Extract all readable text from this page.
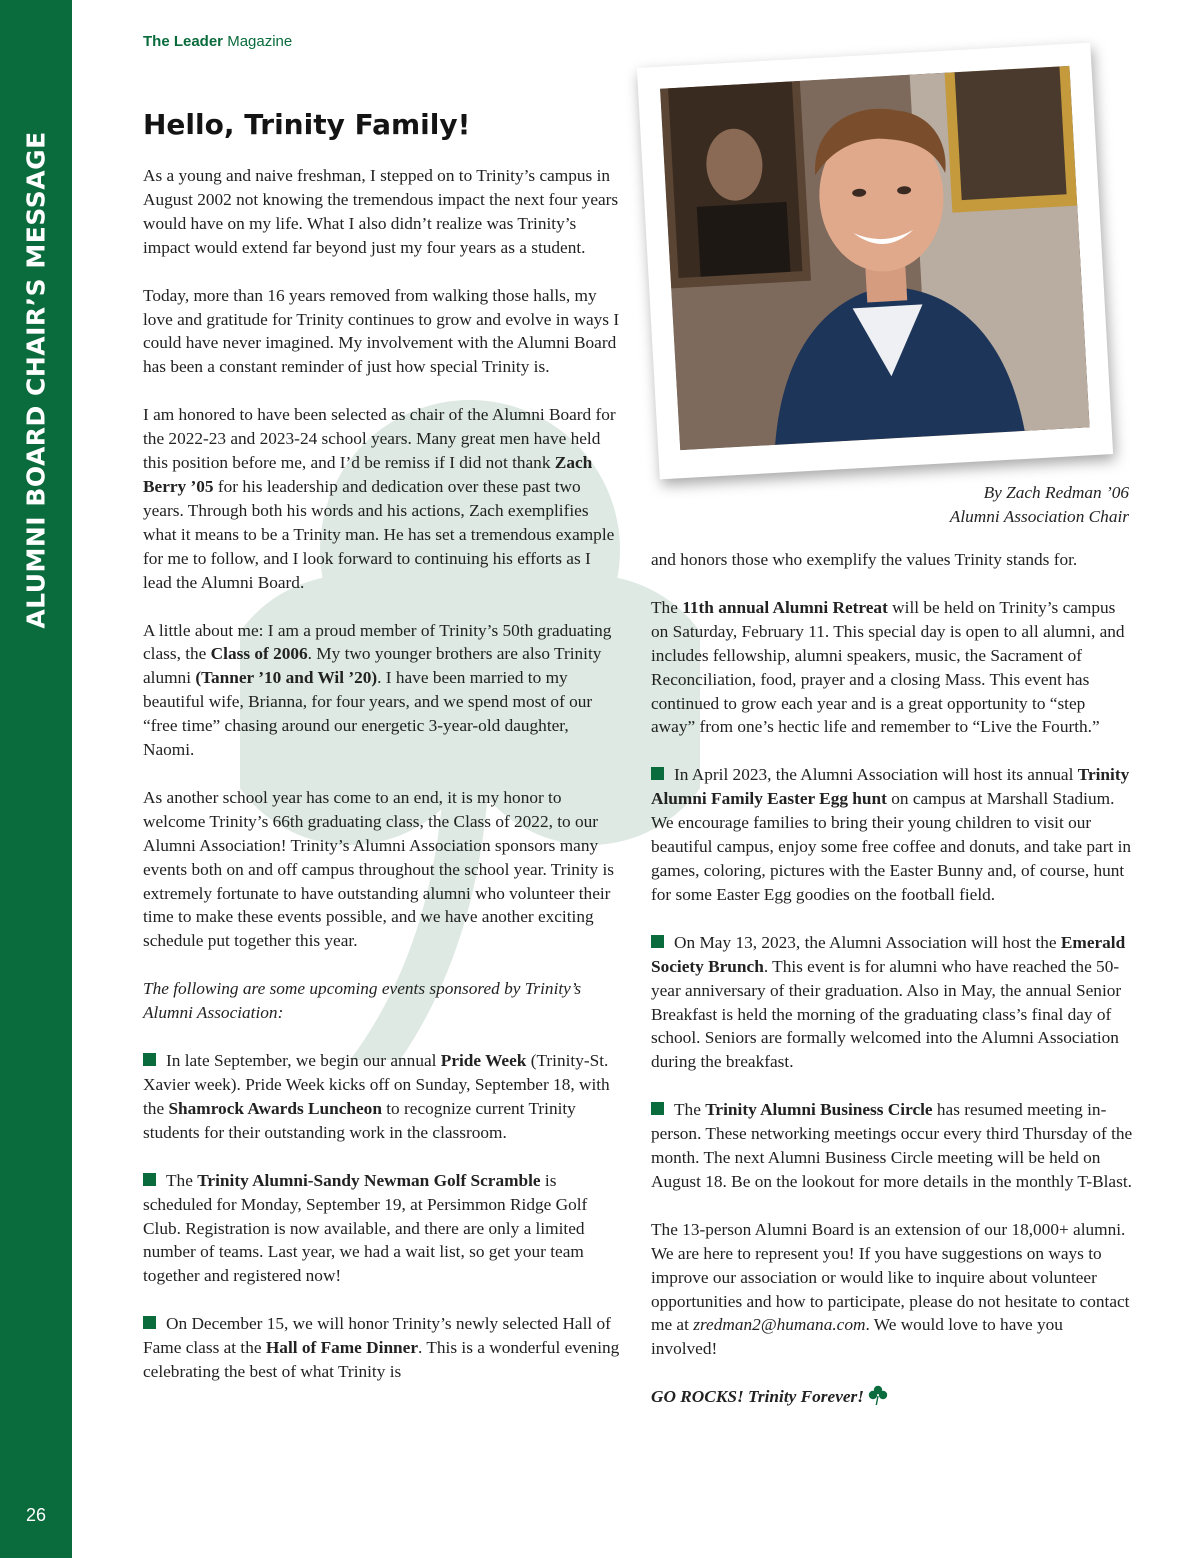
ALUMNI BOARD CHAIR’S MESSAGE
26
The Leader Magazine
Hello, Trinity Family!
By Zach Redman ’06
Alumni Association Chair

As a young and naive freshman, I stepped on to Trinity’s campus in August 2002 not knowing the tremendous impact the next four years would have on my life. What I also didn’t realize was Trinity’s impact would extend far beyond just my four years as a student.

Today, more than 16 years removed from walking those halls, my love and gratitude for Trinity continues to grow and evolve in ways I could have never imagined. My involvement with the Alumni Board has been a constant reminder of just how special Trinity is.

I am honored to have been selected as chair of the Alumni Board for the 2022-23 and 2023-24 school years. Many great men have held this position before me, and I’d be remiss if I did not thank Zach Berry ’05 for his leadership and dedication over these past two years. Through both his words and his actions, Zach exemplifies what it means to be a Trinity man. He has set a tremendous example for me to follow, and I look forward to continuing his efforts as I lead the Alumni Board.

A little about me: I am a proud member of Trinity’s 50th graduating class, the Class of 2006. My two younger brothers are also Trinity alumni (Tanner ’10 and Wil ’20). I have been married to my beautiful wife, Brianna, for four years, and we spend most of our “free time” chasing around our energetic 3-year-old daughter, Naomi.

As another school year has come to an end, it is my honor to welcome Trinity’s 66th graduating class, the Class of 2022, to our Alumni Association! Trinity’s Alumni Association sponsors many events both on and off campus throughout the school year. Trinity is extremely fortunate to have outstanding alumni who volunteer their time to make these events possible, and we have another exciting schedule put together this year.

The following are some upcoming events sponsored by Trinity’s Alumni Association:

In late September, we begin our annual Pride Week (Trinity-St. Xavier week). Pride Week kicks off on Sunday, September 18, with the Shamrock Awards Luncheon to recognize current Trinity students for their outstanding work in the classroom.

The Trinity Alumni-Sandy Newman Golf Scramble is scheduled for Monday, September 19, at Persimmon Ridge Golf Club. Registration is now available, and there are only a limited number of teams. Last year, we had a wait list, so get your team together and registered now!

On December 15, we will honor Trinity’s newly selected Hall of Fame class at the Hall of Fame Dinner. This is a wonderful evening celebrating the best of what Trinity is

and honors those who exemplify the values Trinity stands for.

The 11th annual Alumni Retreat will be held on Trinity’s campus on Saturday, February 11. This special day is open to all alumni, and includes fellowship, alumni speakers, music, the Sacrament of Reconciliation, food, prayer and a closing Mass. This event has continued to grow each year and is a great opportunity to “step away” from one’s hectic life and remember to “Live the Fourth.”

In April 2023, the Alumni Association will host its annual Trinity Alumni Family Easter Egg hunt on campus at Marshall Stadium. We encourage families to bring their young children to visit our beautiful campus, enjoy some free coffee and donuts, and take part in games, coloring, pictures with the Easter Bunny and, of course, hunt for some Easter Egg goodies on the football field.

On May 13, 2023, the Alumni Association will host the Emerald Society Brunch. This event is for alumni who have reached the 50-year anniversary of their graduation. Also in May, the annual Senior Breakfast is held the morning of the graduating class’s final day of school. Seniors are formally welcomed into the Alumni Association during the breakfast.

The Trinity Alumni Business Circle has resumed meeting in-person. These networking meetings occur every third Thursday of the month. The next Alumni Business Circle meeting will be held on August 18. Be on the lookout for more details in the monthly T-Blast.

The 13-person Alumni Board is an extension of our 18,000+ alumni. We are here to represent you! If you have suggestions on ways to improve our association or would like to inquire about volunteer opportunities and how to participate, please do not hesitate to contact me at zredman2@humana.com. We would love to have you involved!

GO ROCKS! Trinity Forever!
